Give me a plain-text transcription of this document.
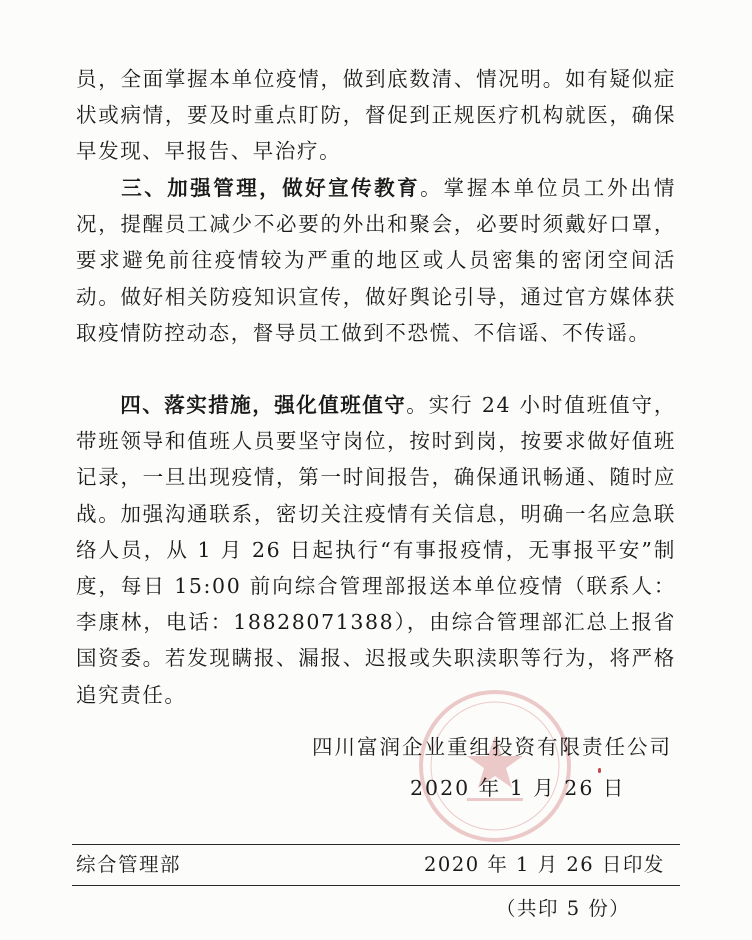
员，全面掌握本单位疫情，做到底数清、情况明。如有疑似症状或病情，要及时重点盯防，督促到正规医疗机构就医，确保早发现、早报告、早治疗。

三、加强管理，做好宣传教育。掌握本单位员工外出情况，提醒员工减少不必要的外出和聚会，必要时须戴好口罩，要求避免前往疫情较为严重的地区或人员密集的密闭空间活动。做好相关防疫知识宣传，做好舆论引导，通过官方媒体获取疫情防控动态，督导员工做到不恐慌、不信谣、不传谣。

四、落实措施，强化值班值守。实行 24 小时值班值守，带班领导和值班人员要坚守岗位，按时到岗，按要求做好值班记录，一旦出现疫情，第一时间报告，确保通讯畅通、随时应战。加强沟通联系，密切关注疫情有关信息，明确一名应急联络人员，从 1 月 26 日起执行“有事报疫情，无事报平安”制度，每日 15:00 前向综合管理部报送本单位疫情（联系人：李康林，电话：18828071388），由综合管理部汇总上报省国资委。若发现瞒报、漏报、迟报或失职渎职等行为，将严格追究责任。

四川富润企业重组投资有限责任公司

2020 年 1 月 26 日

综合管理部	2020 年 1 月 26 日印发

（共印 5 份）
